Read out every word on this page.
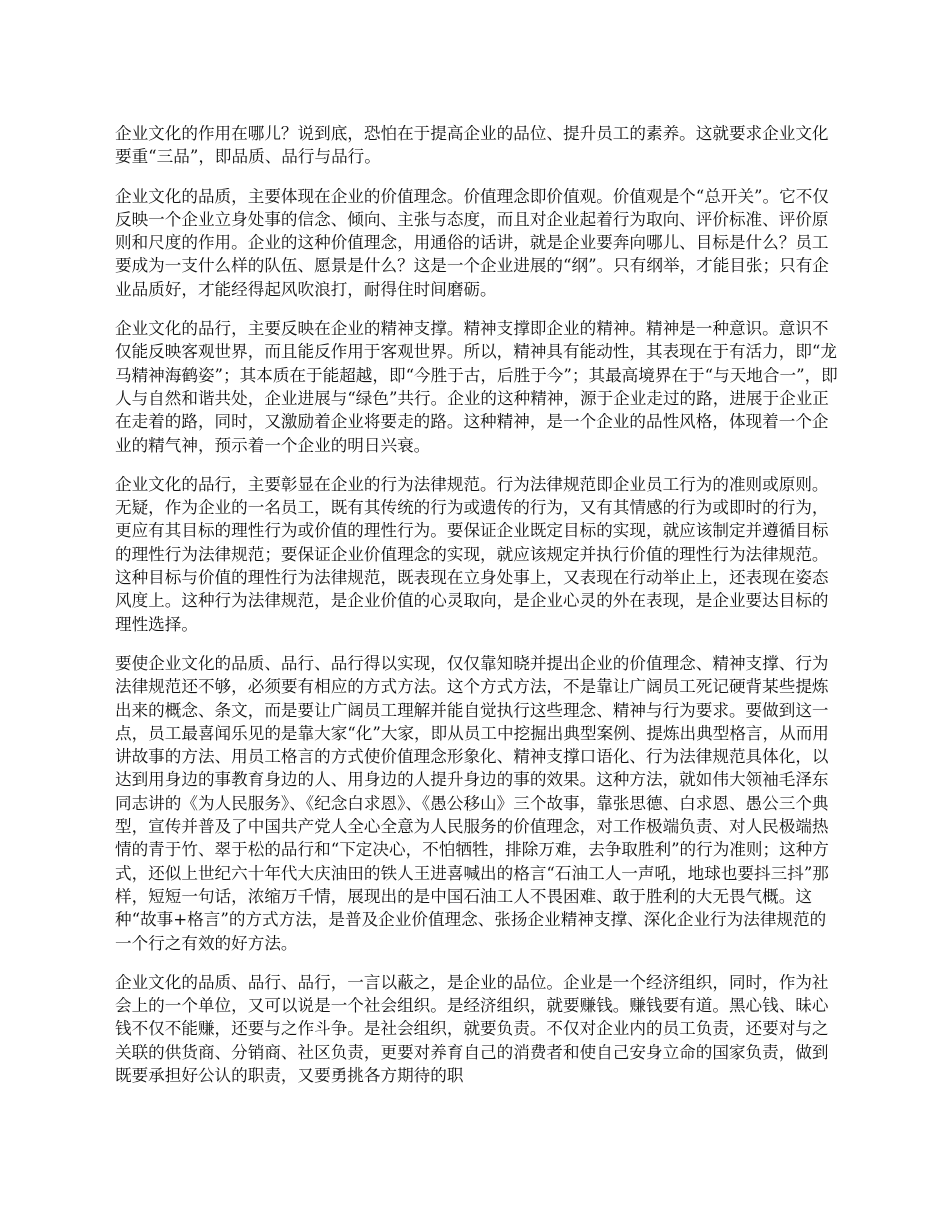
企业文化的作用在哪儿？说到底，恐怕在于提高企业的品位、提升员工的素养。这就要求企业文化要重“三品”，即品质、品行与品行。

企业文化的品质，主要体现在企业的价值理念。价值理念即价值观。价值观是个“总开关”。它不仅反映一个企业立身处事的信念、倾向、主张与态度，而且对企业起着行为取向、评价标准、评价原则和尺度的作用。企业的这种价值理念，用通俗的话讲，就是企业要奔向哪儿、目标是什么？员工要成为一支什么样的队伍、愿景是什么？这是一个企业进展的“纲”。只有纲举，才能目张；只有企业品质好，才能经得起风吹浪打，耐得住时间磨砺。

企业文化的品行，主要反映在企业的精神支撑。精神支撑即企业的精神。精神是一种意识。意识不仅能反映客观世界，而且能反作用于客观世界。所以，精神具有能动性，其表现在于有活力，即“龙马精神海鹤姿”；其本质在于能超越，即“今胜于古，后胜于今”；其最高境界在于“与天地合一”，即人与自然和谐共处，企业进展与“绿色”共行。企业的这种精神，源于企业走过的路，进展于企业正在走着的路，同时，又激励着企业将要走的路。这种精神，是一个企业的品性风格，体现着一个企业的精气神，预示着一个企业的明日兴衰。

企业文化的品行，主要彰显在企业的行为法律规范。行为法律规范即企业员工行为的准则或原则。无疑，作为企业的一名员工，既有其传统的行为或遗传的行为，又有其情感的行为或即时的行为，更应有其目标的理性行为或价值的理性行为。要保证企业既定目标的实现，就应该制定并遵循目标的理性行为法律规范；要保证企业价值理念的实现，就应该规定并执行价值的理性行为法律规范。这种目标与价值的理性行为法律规范，既表现在立身处事上，又表现在行动举止上，还表现在姿态风度上。这种行为法律规范，是企业价值的心灵取向，是企业心灵的外在表现，是企业要达目标的理性选择。

要使企业文化的品质、品行、品行得以实现，仅仅靠知晓并提出企业的价值理念、精神支撑、行为法律规范还不够，必须要有相应的方式方法。这个方式方法，不是靠让广阔员工死记硬背某些提炼出来的概念、条文，而是要让广阔员工理解并能自觉执行这些理念、精神与行为要求。要做到这一点，员工最喜闻乐见的是靠大家“化”大家，即从员工中挖掘出典型案例、提炼出典型格言，从而用讲故事的方法、用员工格言的方式使价值理念形象化、精神支撑口语化、行为法律规范具体化，以达到用身边的事教育身边的人、用身边的人提升身边的事的效果。这种方法，就如伟大领袖毛泽东同志讲的《为人民服务》、《纪念白求恩》、《愚公移山》三个故事，靠张思德、白求恩、愚公三个典型，宣传并普及了中国共产党人全心全意为人民服务的价值理念，对工作极端负责、对人民极端热情的青于竹、翠于松的品行和“下定决心，不怕牺牲，排除万难，去争取胜利”的行为准则；这种方式，还似上世纪六十年代大庆油田的铁人王进喜喊出的格言“石油工人一声吼，地球也要抖三抖”那样，短短一句话，浓缩万千情，展现出的是中国石油工人不畏困难、敢于胜利的大无畏气概。这种“故事+格言”的方式方法，是普及企业价值理念、张扬企业精神支撑、深化企业行为法律规范的一个行之有效的好方法。

企业文化的品质、品行、品行，一言以蔽之，是企业的品位。企业是一个经济组织，同时，作为社会上的一个单位，又可以说是一个社会组织。是经济组织，就要赚钱。赚钱要有道。黑心钱、昧心钱不仅不能赚，还要与之作斗争。是社会组织，就要负责。不仅对企业内的员工负责，还要对与之关联的供货商、分销商、社区负责，更要对养育自己的消费者和使自己安身立命的国家负责，做到既要承担好公认的职责，又要勇挑各方期待的职
